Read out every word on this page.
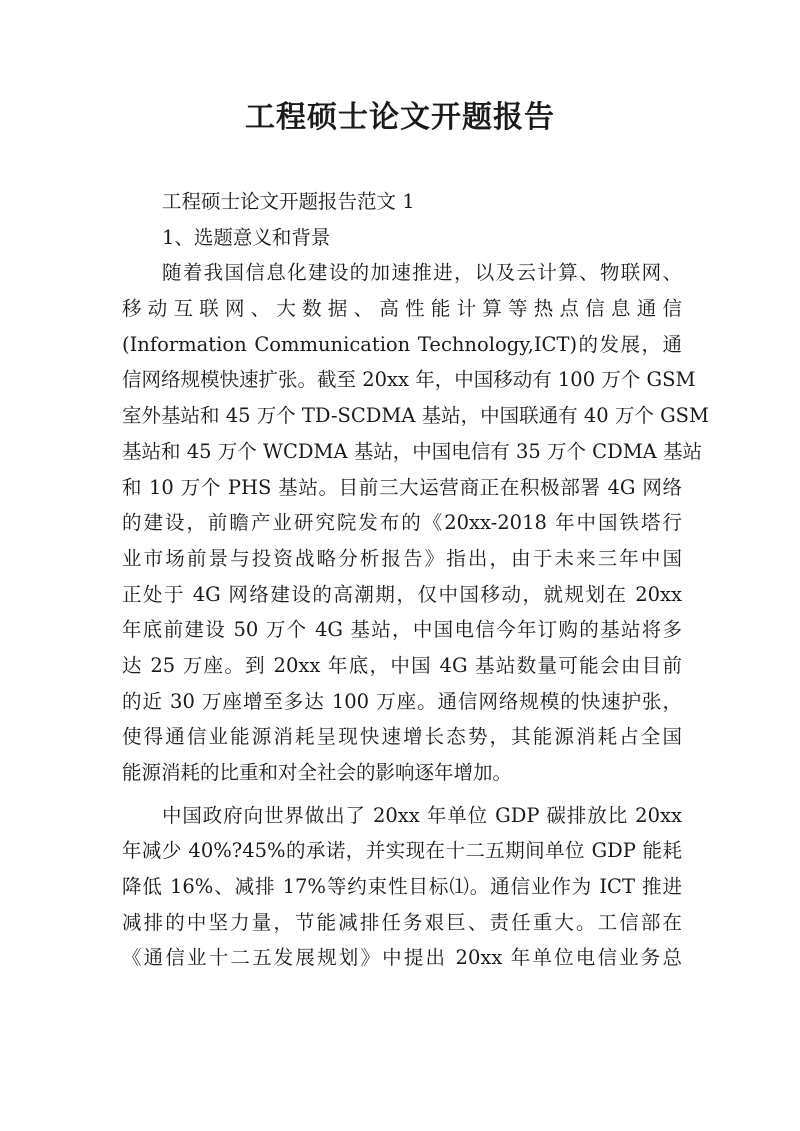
工程硕士论文开题报告
工程硕士论文开题报告范文 1
1、选题意义和背景
随着我国信息化建设的加速推进，以及云计算、物联网、
移动互联网、大数据、高性能计算等热点信息通信
(Information Communication Technology,ICT)的发展，通
信网络规模快速扩张。截至 20xx 年，中国移动有 100 万个 GSM
室外基站和 45 万个 TD-SCDMA 基站，中国联通有 40 万个 GSM
基站和 45 万个 WCDMA 基站，中国电信有 35 万个 CDMA 基站
和 10 万个 PHS 基站。目前三大运营商正在积极部署 4G 网络
的建设，前瞻产业研究院发布的《20xx-2018 年中国铁塔行
业市场前景与投资战略分析报告》指出，由于未来三年中国
正处于 4G 网络建设的高潮期，仅中国移动，就规划在 20xx
年底前建设 50 万个 4G 基站，中国电信今年订购的基站将多
达 25 万座。到 20xx 年底，中国 4G 基站数量可能会由目前
的近 30 万座增至多达 100 万座。通信网络规模的快速护张，
使得通信业能源消耗呈现快速增长态势，其能源消耗占全国
能源消耗的比重和对全社会的影响逐年增加。
中国政府向世界做出了 20xx 年单位 GDP 碳排放比 20xx
年减少 40%?45%的承诺，并实现在十二五期间单位 GDP 能耗
降低 16%、减排 17%等约束性目标⑴。通信业作为 ICT 推进
减排的中坚力量，节能减排任务艰巨、责任重大。工信部在
《通信业十二五发展规划》中提出 20xx 年单位电信业务总
